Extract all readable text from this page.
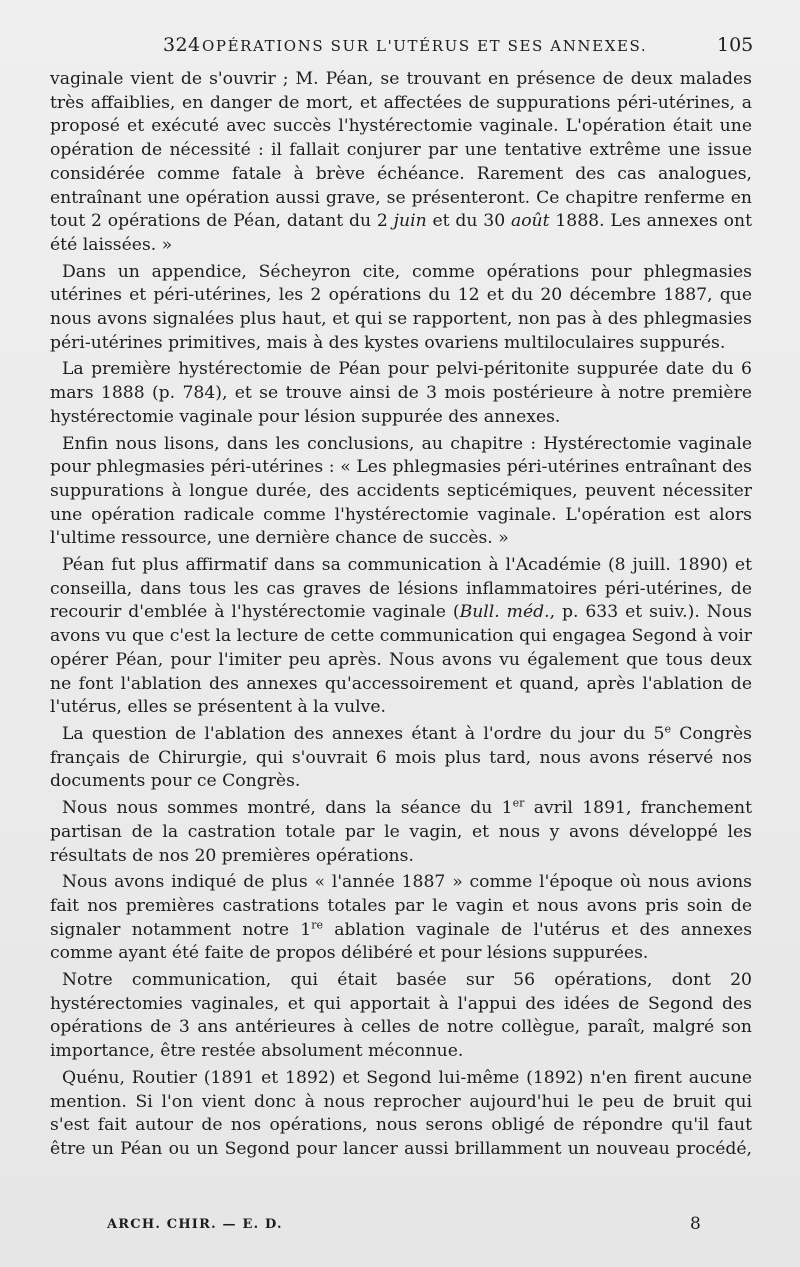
324 OPÉRATIONS SUR L'UTÉRUS ET SES ANNEXES.	105

vaginale vient de s'ouvrir ; M. Péan, se trouvant en présence de deux malades très affaiblies, en danger de mort, et affectées de suppurations péri-utérines, a proposé et exécuté avec succès l'hystérectomie vaginale. L'opération était une opération de nécessité : il fallait conjurer par une tentative extrême une issue considérée comme fatale à brève échéance. Rarement des cas analogues, entraînant une opération aussi grave, se présenteront. Ce chapitre renferme en tout 2 opérations de Péan, datant du 2 juin et du 30 août 1888. Les annexes ont été laissées. »

Dans un appendice, Sécheyron cite, comme opérations pour phlegmasies utérines et péri-utérines, les 2 opérations du 12 et du 20 décembre 1887, que nous avons signalées plus haut, et qui se rapportent, non pas à des phlegmasies péri-utérines primitives, mais à des kystes ovariens multiloculaires suppurés.

La première hystérectomie de Péan pour pelvi-péritonite suppurée date du 6 mars 1888 (p. 784), et se trouve ainsi de 3 mois postérieure à notre première hystérectomie vaginale pour lésion suppurée des annexes.

Enfin nous lisons, dans les conclusions, au chapitre : Hystérectomie vaginale pour phlegmasies péri-utérines : « Les phlegmasies péri-utérines entraînant des suppurations à longue durée, des accidents septicémiques, peuvent nécessiter une opération radicale comme l'hystérectomie vaginale. L'opération est alors l'ultime ressource, une dernière chance de succès. »

Péan fut plus affirmatif dans sa communication à l'Académie (8 juill. 1890) et conseilla, dans tous les cas graves de lésions inflammatoires péri-utérines, de recourir d'emblée à l'hystérectomie vaginale (Bull. méd., p. 633 et suiv.). Nous avons vu que c'est la lecture de cette communication qui engagea Segond à voir opérer Péan, pour l'imiter peu après. Nous avons vu également que tous deux ne font l'ablation des annexes qu'accessoirement et quand, après l'ablation de l'utérus, elles se présentent à la vulve.

La question de l'ablation des annexes étant à l'ordre du jour du 5e Congrès français de Chirurgie, qui s'ouvrait 6 mois plus tard, nous avons réservé nos documents pour ce Congrès.

Nous nous sommes montré, dans la séance du 1er avril 1891, franchement partisan de la castration totale par le vagin, et nous y avons développé les résultats de nos 20 premières opérations.

Nous avons indiqué de plus « l'année 1887 » comme l'époque où nous avions fait nos premières castrations totales par le vagin et nous avons pris soin de signaler notamment notre 1re ablation vaginale de l'utérus et des annexes comme ayant été faite de propos délibéré et pour lésions suppurées.

Notre communication, qui était basée sur 56 opérations, dont 20 hystérectomies vaginales, et qui apportait à l'appui des idées de Segond des opérations de 3 ans antérieures à celles de notre collègue, paraît, malgré son importance, être restée absolument méconnue.

Quénu, Routier (1891 et 1892) et Segond lui-même (1892) n'en firent aucune mention. Si l'on vient donc à nous reprocher aujourd'hui le peu de bruit qui s'est fait autour de nos opérations, nous serons obligé de répondre qu'il faut être un Péan ou un Segond pour lancer aussi brillamment un nouveau procédé,

ARCH. CHIR. — E. D.	8
